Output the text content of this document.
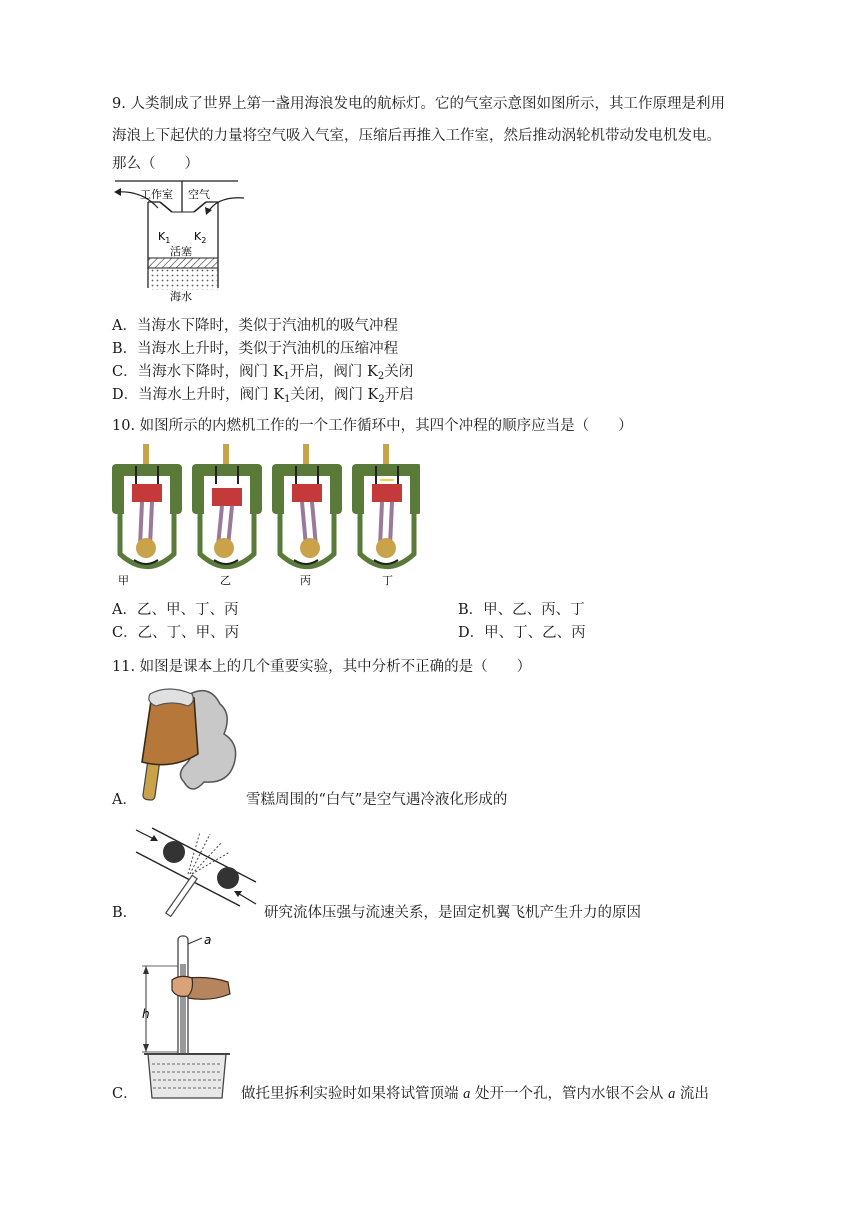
9. 人类制成了世界上第一盏用海浪发电的航标灯。它的气室示意图如图所示，其工作原理是利用
海浪上下起伏的力量将空气吸入气室，压缩后再推入工作室，然后推动涡轮机带动发电机发电。
那么（　　）
工作室 空气
$K_1$ $K_2$
活塞
海水
A．当海水下降时，类似于汽油机的吸气冲程
B．当海水上升时，类似于汽油机的压缩冲程
C．当海水下降时，阀门 $K_1$开启，阀门 $K_2$关闭
D．当海水上升时，阀门 $K_1$关闭，阀门 $K_2$开启
10. 如图所示的内燃机工作的一个工作循环中，其四个冲程的顺序应当是（　　）
甲	乙	丙	丁
A．乙、甲、丁、丙	B．甲、乙、丙、丁
C．乙、丁、甲、丙	D．甲、丁、乙、丙
11. 如图是课本上的几个重要实验，其中分析不正确的是（　　）
A．	雪糕周围的“白气”是空气遇冷液化形成的
B．	研究流体压强与流速关系，是固定机翼飞机产生升力的原因
a
h
C．	做托里拆利实验时如果将试管顶端 a 处开一个孔，管内水银不会从 a 流出
